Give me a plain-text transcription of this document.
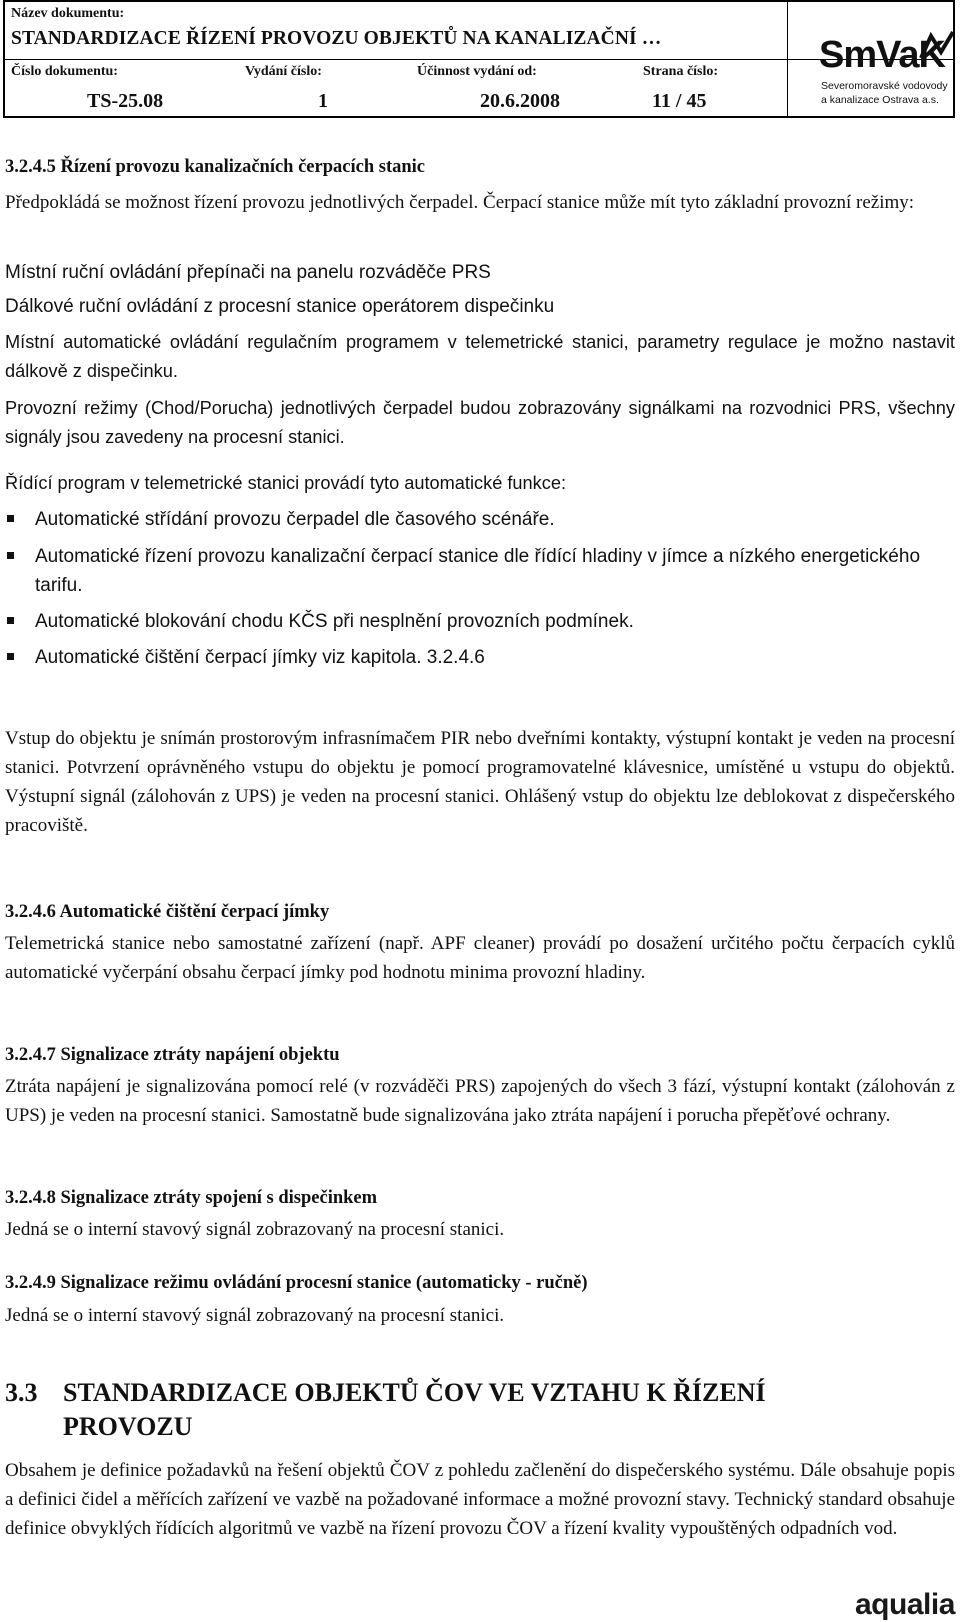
Název dokumentu:
STANDARDIZACE ŘÍZENÍ PROVOZU OBJEKTŮ NA KANALIZAČNÍ …
Číslo dokumentu:
TS-25.08
Vydání číslo:
1
Účinnost vydání od:
20.6.2008
Strana číslo:
11 / 45
SmVaK
Severomoravské vodovody
a kanalizace Ostrava a.s.
3.2.4.5 Řízení provozu kanalizačních čerpacích stanic
Předpokládá se možnost řízení provozu jednotlivých čerpadel. Čerpací stanice může mít tyto základní provozní režimy:
Místní ruční ovládání přepínači na panelu rozváděče PRS
Dálkové ruční ovládání z procesní stanice operátorem dispečinku
Místní automatické ovládání regulačním programem v telemetrické stanici, parametry regulace je možno nastavit dálkově z dispečinku.
Provozní režimy (Chod/Porucha) jednotlivých čerpadel budou zobrazovány signálkami na rozvodnici PRS, všechny signály jsou zavedeny na procesní stanici.
Řídící program v telemetrické stanici provádí tyto automatické funkce:
Automatické střídání provozu čerpadel dle časového scénáře.
Automatické řízení provozu kanalizační čerpací stanice dle řídící hladiny v jímce a nízkého energetického tarifu.
Automatické blokování chodu KČS při nesplnění provozních podmínek.
Automatické čištění čerpací jímky viz kapitola. 3.2.4.6
Vstup do objektu je snímán prostorovým infrasnímačem PIR nebo dveřními kontakty, výstupní kontakt je veden na procesní stanici. Potvrzení oprávněného vstupu do objektu je pomocí programovatelné klávesnice, umístěné u vstupu do objektů. Výstupní signál (zálohován z UPS) je veden na procesní stanici. Ohlášený vstup do objektu lze deblokovat z dispečerského pracoviště.
3.2.4.6 Automatické čištění čerpací jímky
Telemetrická stanice nebo samostatné zařízení (např. APF cleaner) provádí po dosažení určitého počtu čerpacích cyklů automatické vyčerpání obsahu čerpací jímky pod hodnotu minima provozní hladiny.
3.2.4.7 Signalizace ztráty napájení objektu
Ztráta napájení je signalizována pomocí relé (v rozváděči PRS) zapojených do všech 3 fází, výstupní kontakt (zálohován z UPS) je veden na procesní stanici. Samostatně bude signalizována jako ztráta napájení i porucha přepěťové ochrany.
3.2.4.8 Signalizace ztráty spojení s dispečinkem
Jedná se o interní stavový signál zobrazovaný na procesní stanici.
3.2.4.9 Signalizace režimu ovládání procesní stanice (automaticky - ručně)
Jedná se o interní stavový signál zobrazovaný na procesní stanici.
3.3 STANDARDIZACE OBJEKTŮ ČOV VE VZTAHU K ŘÍZENÍ PROVOZU
Obsahem je definice požadavků na řešení objektů ČOV z pohledu začlenění do dispečerského systému. Dále obsahuje popis a definici čidel a měřících zařízení ve vazbě na požadované informace a možné provozní stavy. Technický standard obsahuje definice obvyklých řídících algoritmů ve vazbě na řízení provozu ČOV a řízení kvality vypouštěných odpadních vod.
aqualia
